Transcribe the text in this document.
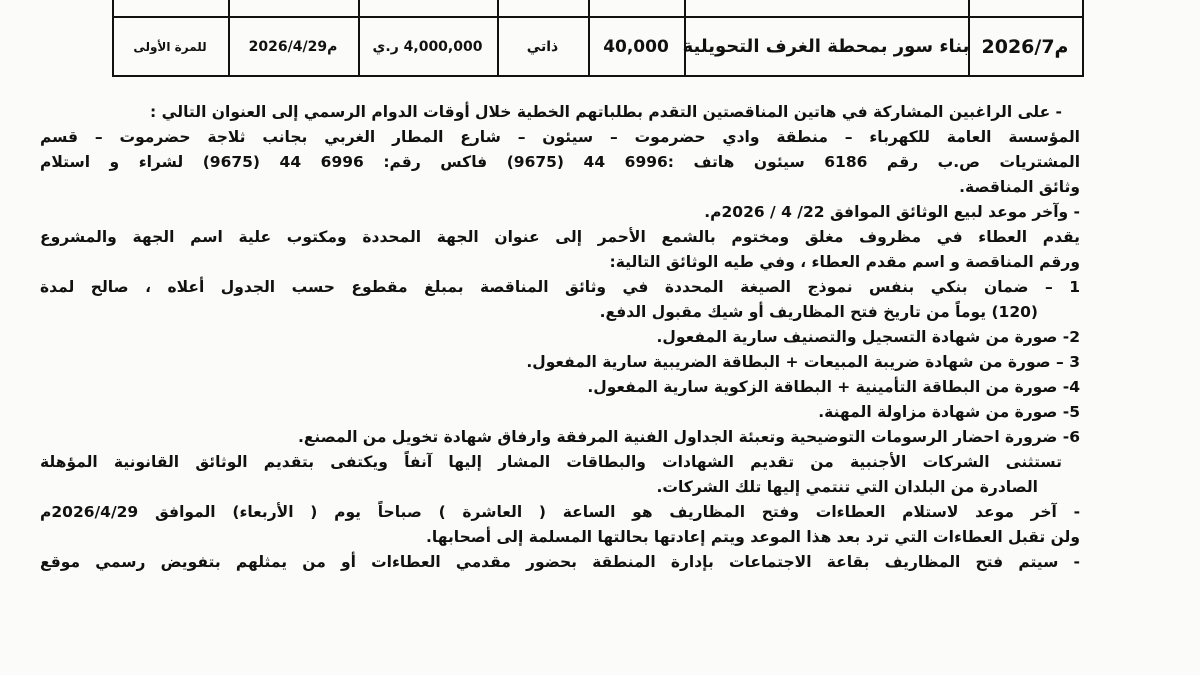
للمرة الأولى	2026/4/29م	4,000,000 ر.ي	ذاتي	40,000 بناء سور بمحطة الغرف التحويلية 2026/7م
- على الراغبين المشاركة في هاتين المناقصتين التقدم بطلباتهم الخطية خلال أوقات الدوام الرسمي إلى العنوان التالي :
المؤسسة العامة للكهرباء – منطقة وادي حضرموت – سيئون – شارع المطار الغربي بجانب ثلاجة حضرموت – قسم
المشتريات ص.ب رقم 6186 سيئون هاتف :6996 44 (9675) فاكس رقم: 6996 44 (9675) لشراء و استلام
وثائق المناقصة.
- وآخر موعد لبيع الوثائق الموافق 22/ 4 / 2026م.
يقدم العطاء في مظروف مغلق ومختوم بالشمع الأحمر إلى عنوان الجهة المحددة ومكتوب علية اسم الجهة والمشروع
ورقم المناقصة و اسم مقدم العطاء ، وفي طيه الوثائق التالية:
1 – ضمان بنكي بنفس نموذج الصيغة المحددة في وثائق المناقصة بمبلغ مقطوع حسب الجدول أعلاه ، صالح لمدة
(120) يوماً من تاريخ فتح المظاريف أو شيك مقبول الدفع.
2- صورة من شهادة التسجيل والتصنيف سارية المفعول.
3 – صورة من شهادة ضريبة المبيعات + البطاقة الضريبية سارية المفعول.
4- صورة من البطاقة التأمينية + البطاقة الزكوية سارية المفعول.
5- صورة من شهادة مزاولة المهنة.
6- ضرورة احضار الرسومات التوضيحية وتعبئة الجداول الفنية المرفقة وارفاق شهادة تخويل من المصنع.
تستثنى الشركات الأجنبية من تقديم الشهادات والبطاقات المشار إليها آنفاً ويكتفى بتقديم الوثائق القانونية المؤهلة
الصادرة من البلدان التي تنتمي إليها تلك الشركات.
- آخر موعد لاستلام العطاءات وفتح المظاريف هو الساعة ( العاشرة ) صباحاً يوم ( الأربعاء) الموافق 2026/4/29م
ولن تقبل العطاءات التي ترد بعد هذا الموعد ويتم إعادتها بحالتها المسلمة إلى أصحابها.
- سيتم فتح المظاريف بقاعة الاجتماعات بإدارة المنطقة بحضور مقدمي العطاءات أو من يمثلهم بتفويض رسمي موقع
